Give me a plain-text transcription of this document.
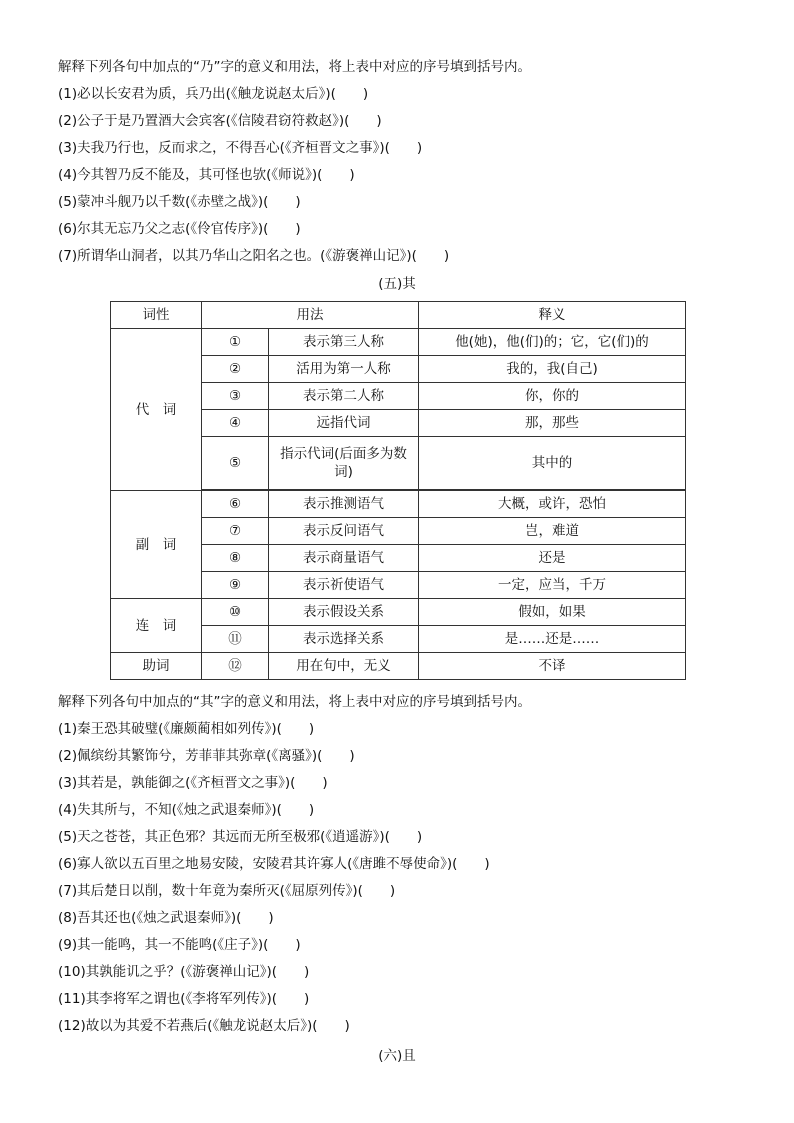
解释下列各句中加点的“乃”字的意义和用法，将上表中对应的序号填到括号内。
(1)必以长安君为质，兵乃出(《触龙说赵太后》)(　　)
(2)公子于是乃置酒大会宾客(《信陵君窃符救赵》)(　　)
(3)夫我乃行也，反而求之，不得吾心(《齐桓晋文之事》)(　　)
(4)今其智乃反不能及，其可怪也欤(《师说》)(　　)
(5)蒙冲斗舰乃以千数(《赤壁之战》)(　　)
(6)尔其无忘乃父之志(《伶官传序》)(　　)
(7)所谓华山洞者，以其乃华山之阳名之也。(《游褒禅山记》)(　　)
(五)其
词性	用法		释义
代　词	①	表示第三人称	他(她)，他(们)的；它，它(们)的
	②	活用为第一人称	我的，我(自己)
	③	表示第二人称	你，你的
	④	远指代词	那，那些
	⑤	指示代词(后面多为数词)	其中的

副　词	⑥	表示推测语气	大概，或许，恐怕
	⑦	表示反问语气	岂，难道
	⑧	表示商量语气	还是
	⑨	表示祈使语气	一定，应当，千万
连　词	⑩	表示假设关系	假如，如果
	⑪	表示选择关系	是……还是……
助词	⑫	用在句中，无义	不译
解释下列各句中加点的“其”字的意义和用法，将上表中对应的序号填到括号内。
(1)秦王恐其破璧(《廉颇蔺相如列传》)(　　)
(2)佩缤纷其繁饰兮，芳菲菲其弥章(《离骚》)(　　)
(3)其若是，孰能御之(《齐桓晋文之事》)(　　)
(4)失其所与，不知(《烛之武退秦师》)(　　)
(5)天之苍苍，其正色邪？其远而无所至极邪(《逍遥游》)(　　)
(6)寡人欲以五百里之地易安陵，安陵君其许寡人(《唐雎不辱使命》)(　　)
(7)其后楚日以削，数十年竟为秦所灭(《屈原列传》)(　　)
(8)吾其还也(《烛之武退秦师》)(　　)
(9)其一能鸣，其一不能鸣(《庄子》)(　　)
(10)其孰能讥之乎？(《游褒禅山记》)(　　)
(11)其李将军之谓也(《李将军列传》)(　　)
(12)故以为其爱不若燕后(《触龙说赵太后》)(　　)
(六)且
